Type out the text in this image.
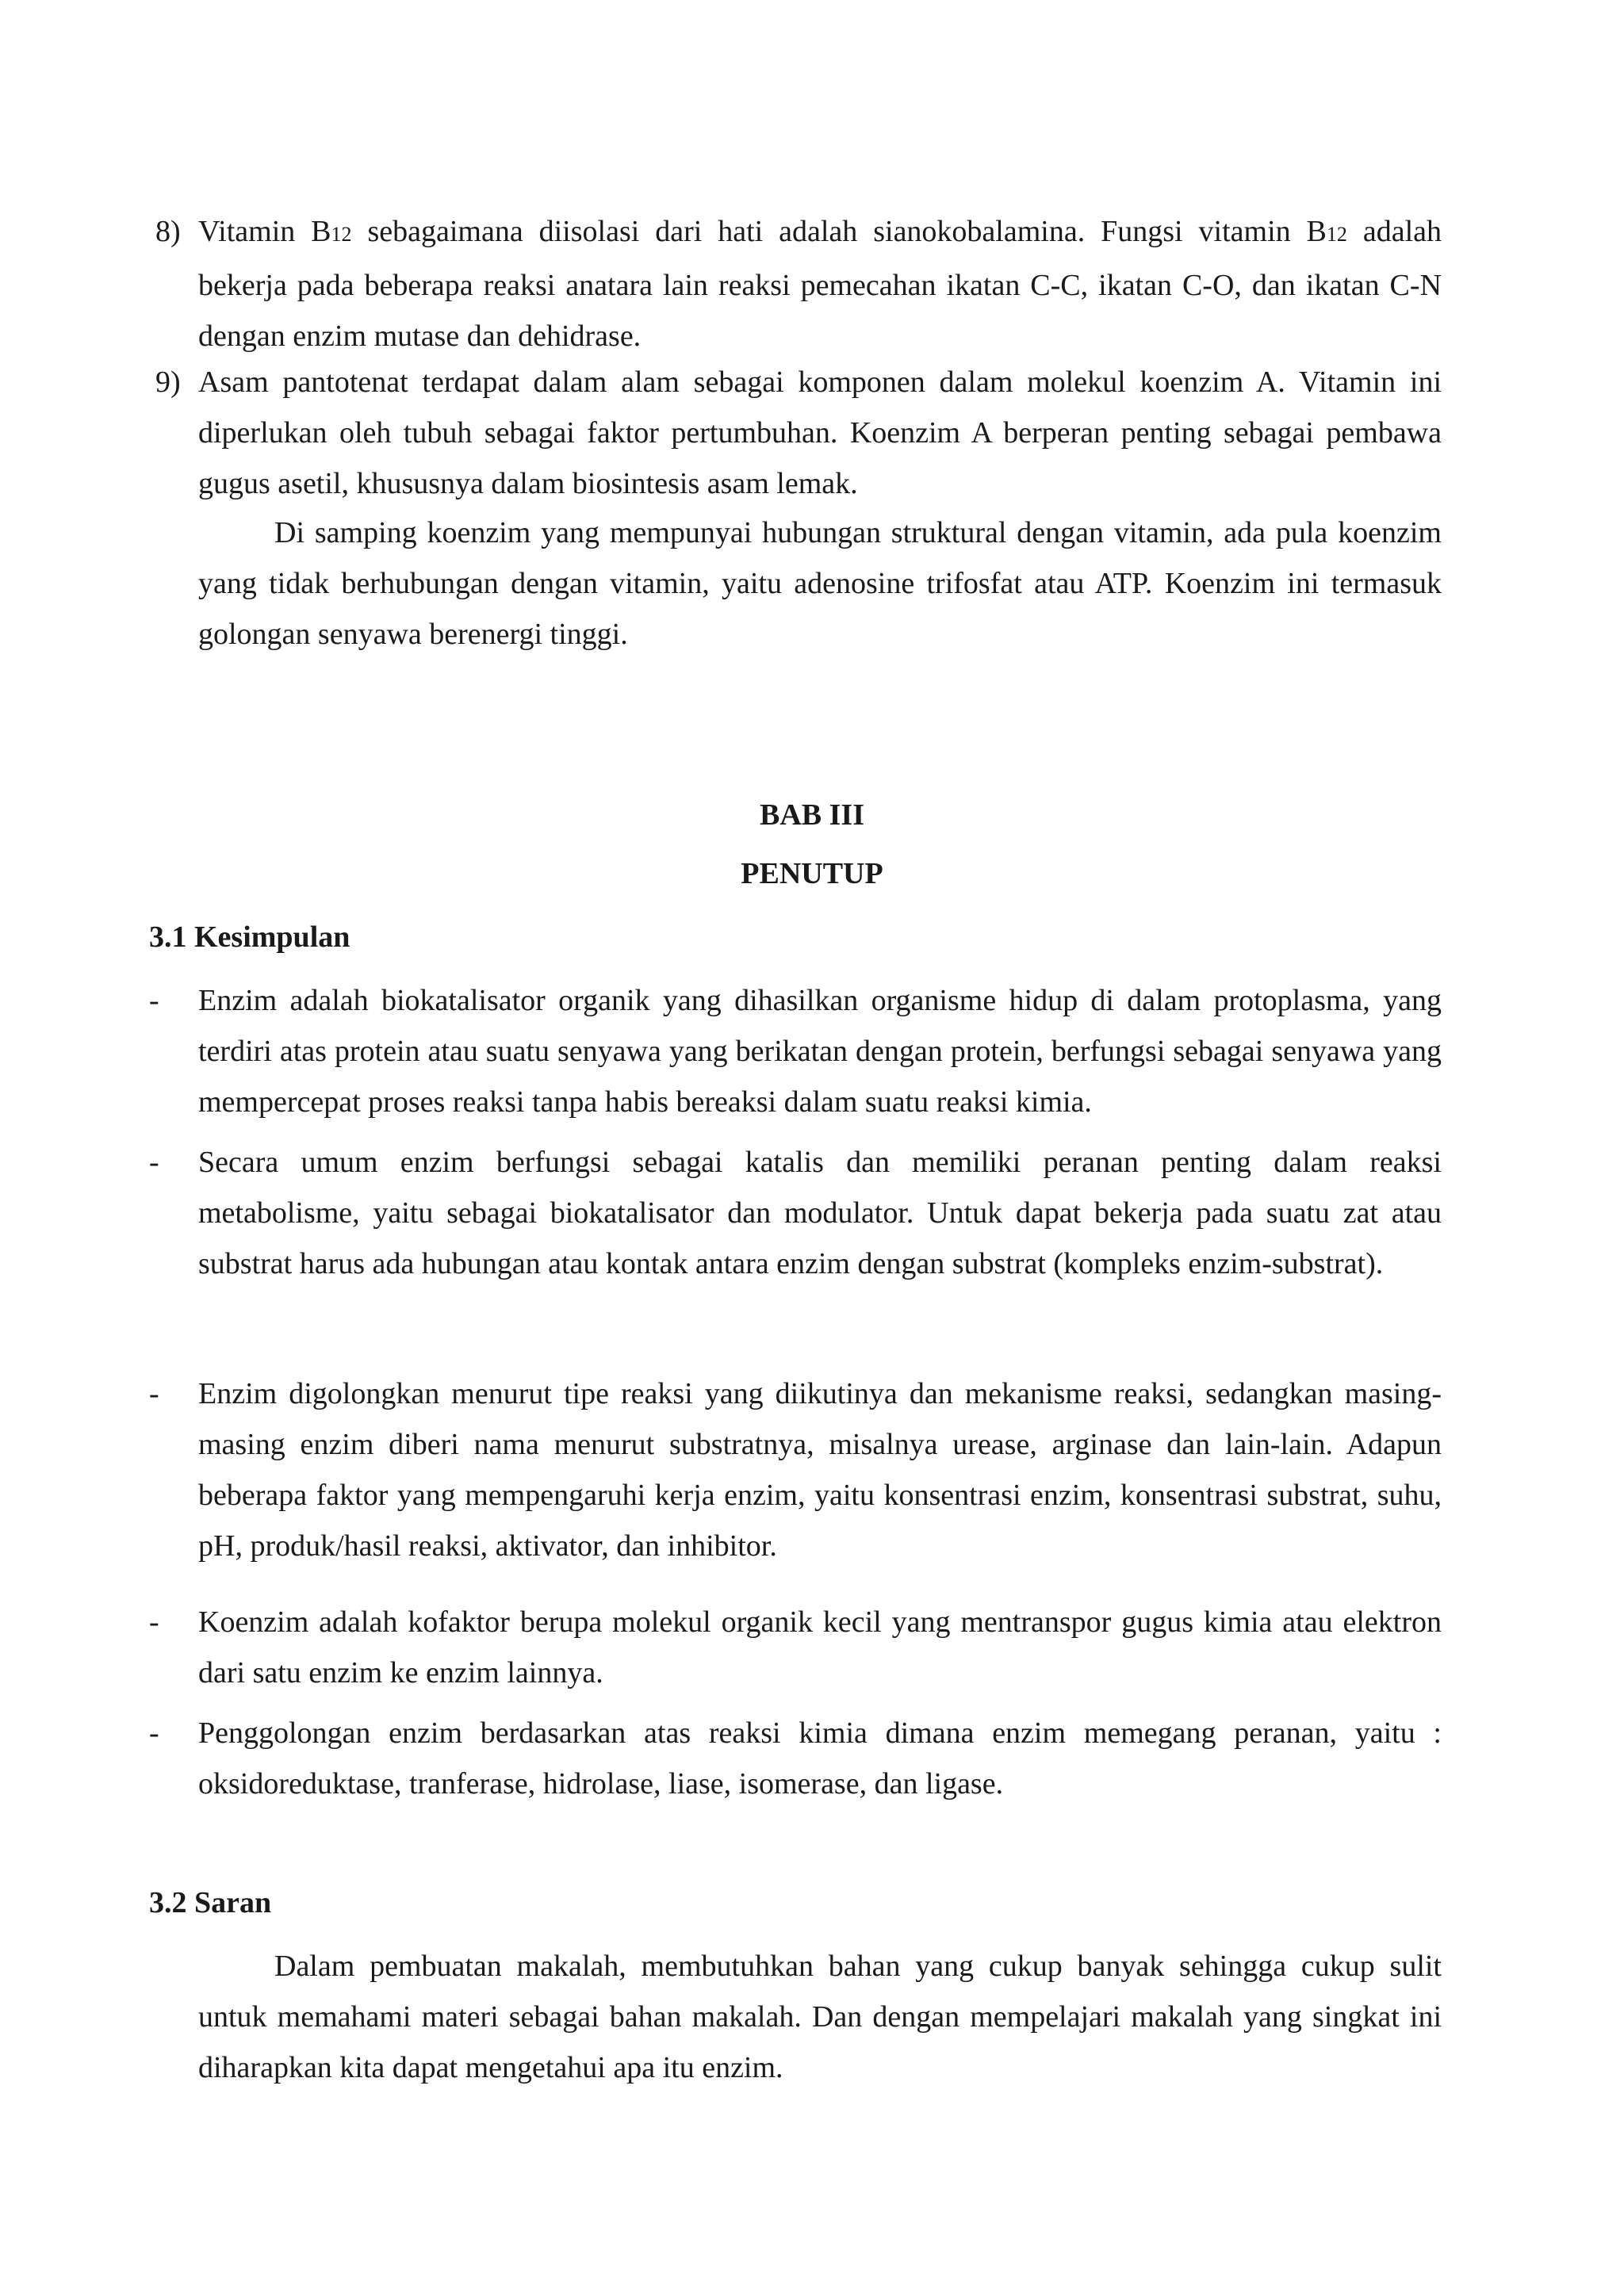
8) Vitamin B12 sebagaimana diisolasi dari hati adalah sianokobalamina. Fungsi vitamin B12 adalah bekerja pada beberapa reaksi anatara lain reaksi pemecahan ikatan C-C, ikatan C-O, dan ikatan C-N dengan enzim mutase dan dehidrase.
9) Asam pantotenat terdapat dalam alam sebagai komponen dalam molekul koenzim A. Vitamin ini diperlukan oleh tubuh sebagai faktor pertumbuhan. Koenzim A berperan penting sebagai pembawa gugus asetil, khususnya dalam biosintesis asam lemak.
Di samping koenzim yang mempunyai hubungan struktural dengan vitamin, ada pula koenzim yang tidak berhubungan dengan vitamin, yaitu adenosine trifosfat atau ATP. Koenzim ini termasuk golongan senyawa berenergi tinggi.
BAB III
PENUTUP
3.1 Kesimpulan
- Enzim adalah biokatalisator organik yang dihasilkan organisme hidup di dalam protoplasma, yang terdiri atas protein atau suatu senyawa yang berikatan dengan protein, berfungsi sebagai senyawa yang mempercepat proses reaksi tanpa habis bereaksi dalam suatu reaksi kimia.
- Secara umum enzim berfungsi sebagai katalis dan memiliki peranan penting dalam reaksi metabolisme, yaitu sebagai biokatalisator dan modulator. Untuk dapat bekerja pada suatu zat atau substrat harus ada hubungan atau kontak antara enzim dengan substrat (kompleks enzim-substrat).
- Enzim digolongkan menurut tipe reaksi yang diikutinya dan mekanisme reaksi, sedangkan masing-masing enzim diberi nama menurut substratnya, misalnya urease, arginase dan lain-lain. Adapun beberapa faktor yang mempengaruhi kerja enzim, yaitu konsentrasi enzim, konsentrasi substrat, suhu, pH, produk/hasil reaksi, aktivator, dan inhibitor.
- Koenzim adalah kofaktor berupa molekul organik kecil yang mentranspor gugus kimia atau elektron dari satu enzim ke enzim lainnya.
- Penggolongan enzim berdasarkan atas reaksi kimia dimana enzim memegang peranan, yaitu : oksidoreduktase, tranferase, hidrolase, liase, isomerase, dan ligase.
3.2 Saran
Dalam pembuatan makalah, membutuhkan bahan yang cukup banyak sehingga cukup sulit untuk memahami materi sebagai bahan makalah. Dan dengan mempelajari makalah yang singkat ini diharapkan kita dapat mengetahui apa itu enzim.
